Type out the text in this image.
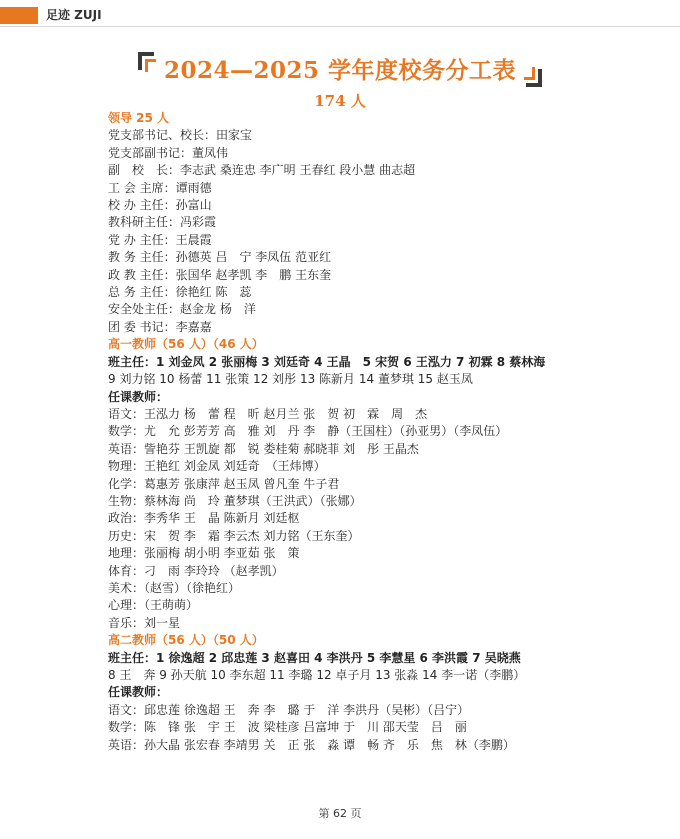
足迹 ZUJI
2024—2025 学年度校务分工表
174 人
领导 25 人
党支部书记、校长：田家宝
党支部副书记：董凤伟
副　校　长：李志武 桑连忠 李广明 王春红 段小慧 曲志超
工 会 主席：谭雨德
校 办 主任：孙富山
教科研主任：冯彩霞
党 办 主任：王晨霞
教 务 主任：孙德英 吕　宁 李凤伍 范亚红
政 教 主任：张国华 赵孝凯 李　鹏 王东奎
总 务 主任：徐艳红 陈　蕊
安全处主任：赵金龙 杨　洋
团 委 书记：李嘉嘉
高一教师（56 人）（46 人）
班主任：1 刘金凤 2 张丽梅 3 刘廷奇 4 王晶　5 宋贺 6 王泓力 7 初霖 8 蔡林海
9 刘力铭 10 杨蕾 11 张策 12 刘彤 13 陈新月 14 董梦琪 15 赵玉凤
任课教师：
语文：王泓力 杨　蕾 程　昕 赵月兰 张　贺 初　霖　周　杰
数学：尤　允 彭芳芳 高　雅 刘　丹 李　静（王国柱）（孙亚男）（李凤伍）
英语：訾艳芬 王凯旋 都　锐 娄桂菊 郝晓菲 刘　彤 王晶杰
物理：王艳红 刘金凤 刘廷奇　（王炜博）
化学：葛惠芳 张康萍 赵玉凤 曾凡奎 牛子君
生物：蔡林海 尚　玲 董梦琪（王洪武）（张娜）
政治：李秀华 王　晶 陈新月 刘廷枢
历史：宋　贺 李　霜 李云杰 刘力铭（王东奎）
地理：张丽梅 胡小明 李亚茹 张　策
体育：刁　雨 李玲玲 （赵孝凯）
美术：（赵雪）（徐艳红）
心理：（王萌萌）
音乐：刘一星
高二教师（56 人）（50 人）
班主任：1 徐逸超 2 邱忠莲 3 赵喜田 4 李洪丹 5 李慧星 6 李洪霞 7 吴晓燕
8 王　奔 9 孙天航 10 李东超 11 李璐 12 卓子月 13 张淼 14 李一诺（李鹏）
任课教师：
语文：邱忠莲 徐逸超 王　奔 李　璐 于　洋 李洪丹（吴彬）（吕宁）
数学：陈　锋 张　宇 王　波 梁桂彦 吕富坤 于　川 邵天莹　吕　丽
英语：孙大晶 张宏春 李靖男 关　正 张　淼 谭　畅 齐　乐　焦　林（李鹏）
第 62 页
